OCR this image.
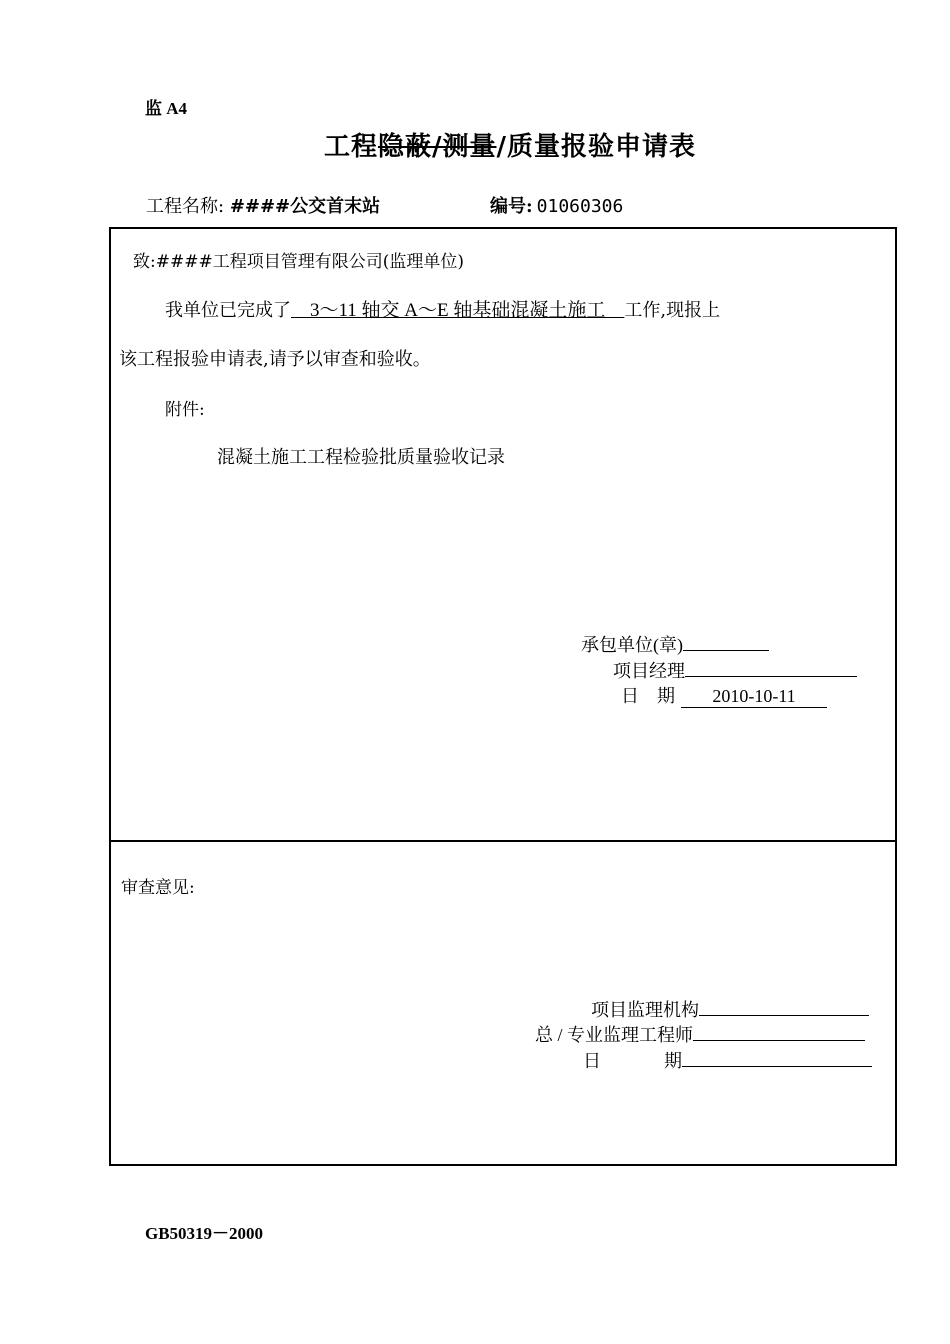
监 A4
工程隐蔽/测量/质量报验申请表
工程名称: ####公交首末站	编号: 01060306
致:####工程项目管理有限公司(监理单位)
我单位已完成了    3～11 轴交 A～E 轴基础混凝土施工    工作,现报上
该工程报验申请表,请予以审查和验收。
附件:
混凝土施工工程检验批质量验收记录
承包单位(章)
项目经理
日    期 2010-10-11
审查意见:
项目监理机构
总 / 专业监理工程师
日              期
GB50319－2000
